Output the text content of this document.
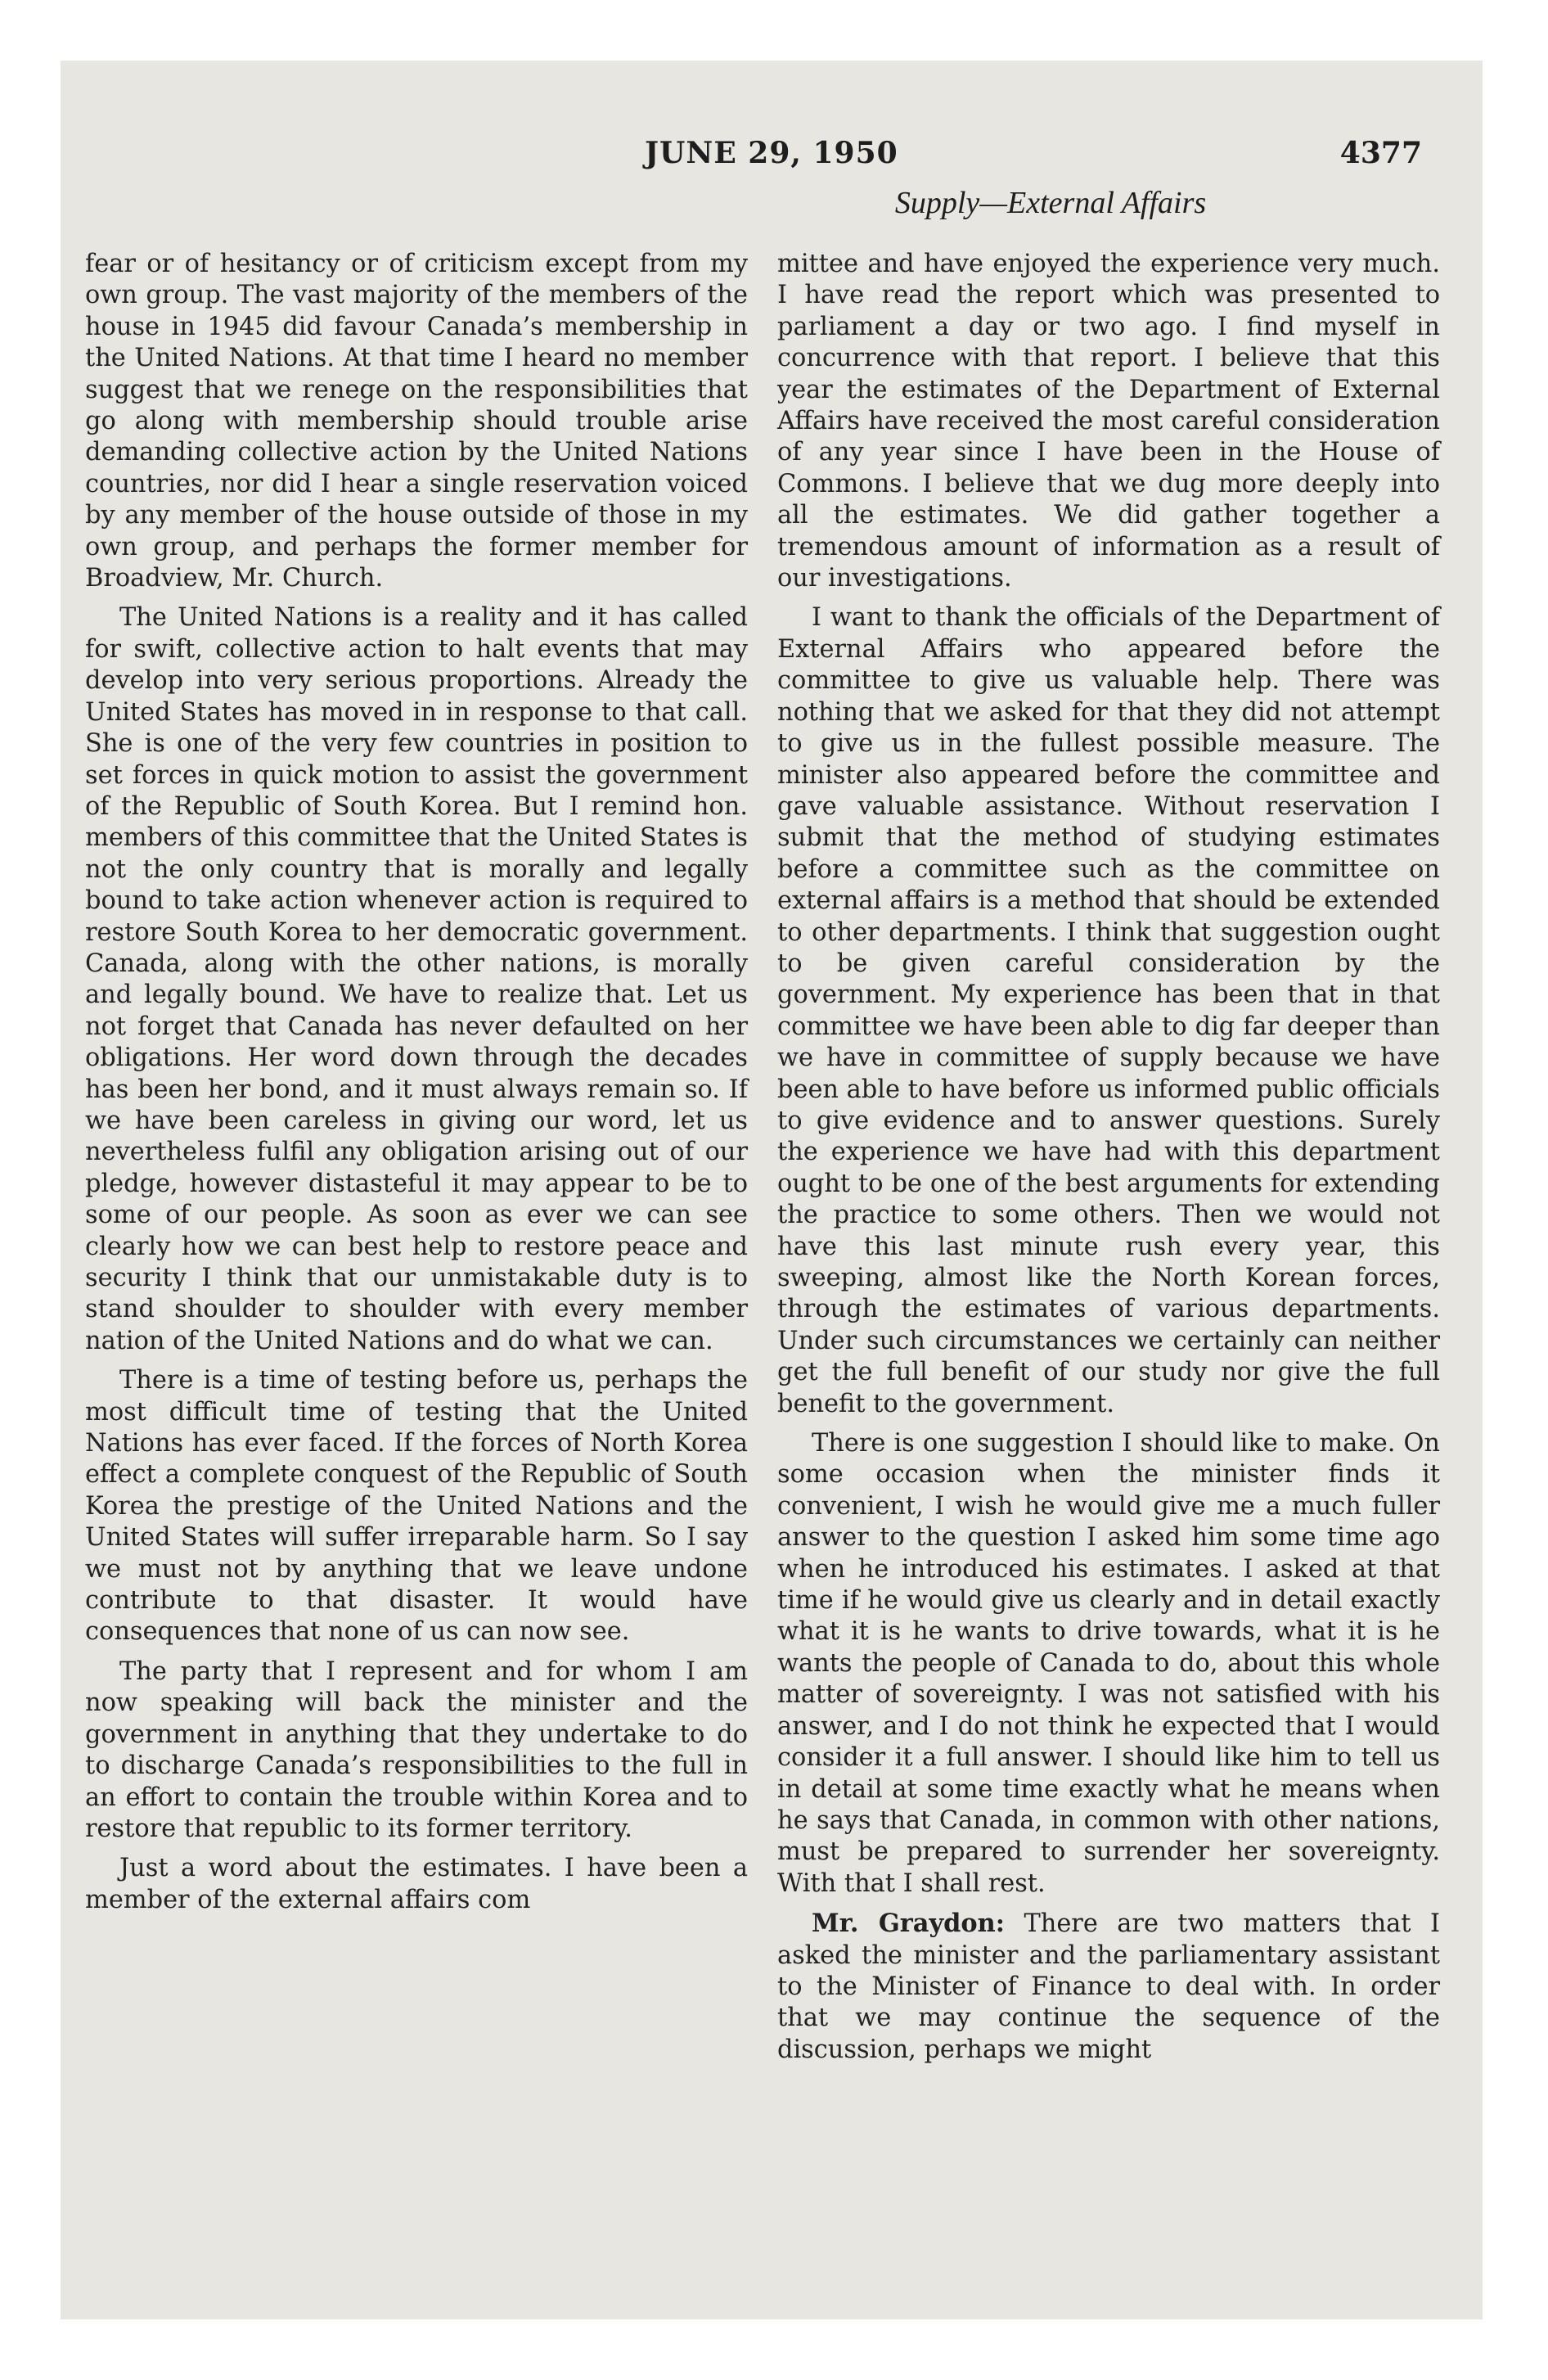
JUNE 29, 1950	4377
Supply—External Affairs

fear or of hesitancy or of criticism except from my own group. The vast majority of the members of the house in 1945 did favour Canada’s membership in the United Nations. At that time I heard no member suggest that we renege on the responsibilities that go along with membership should trouble arise demanding collective action by the United Nations countries, nor did I hear a single reservation voiced by any member of the house outside of those in my own group, and perhaps the former member for Broadview, Mr. Church.

The United Nations is a reality and it has called for swift, collective action to halt events that may develop into very serious proportions. Already the United States has moved in in response to that call. She is one of the very few countries in position to set forces in quick motion to assist the government of the Republic of South Korea. But I remind hon. members of this committee that the United States is not the only country that is morally and legally bound to take action whenever action is required to restore South Korea to her democratic government. Canada, along with the other nations, is morally and legally bound. We have to realize that. Let us not forget that Canada has never defaulted on her obligations. Her word down through the decades has been her bond, and it must always remain so. If we have been careless in giving our word, let us nevertheless fulfil any obligation arising out of our pledge, however distasteful it may appear to be to some of our people. As soon as ever we can see clearly how we can best help to restore peace and security I think that our unmistakable duty is to stand shoulder to shoulder with every member nation of the United Nations and do what we can.

There is a time of testing before us, perhaps the most difficult time of testing that the United Nations has ever faced. If the forces of North Korea effect a complete conquest of the Republic of South Korea the prestige of the United Nations and the United States will suffer irreparable harm. So I say we must not by anything that we leave undone contribute to that disaster. It would have consequences that none of us can now see.

The party that I represent and for whom I am now speaking will back the minister and the government in anything that they undertake to do to discharge Canada’s responsibilities to the full in an effort to contain the trouble within Korea and to restore that republic to its former territory.

Just a word about the estimates. I have been a member of the external affairs com

mittee and have enjoyed the experience very much. I have read the report which was presented to parliament a day or two ago. I find myself in concurrence with that report. I believe that this year the estimates of the Department of External Affairs have received the most careful consideration of any year since I have been in the House of Commons. I believe that we dug more deeply into all the estimates. We did gather together a tremendous amount of information as a result of our investigations.

I want to thank the officials of the Department of External Affairs who appeared before the committee to give us valuable help. There was nothing that we asked for that they did not attempt to give us in the fullest possible measure. The minister also appeared before the committee and gave valuable assistance. Without reservation I submit that the method of studying estimates before a committee such as the committee on external affairs is a method that should be extended to other departments. I think that suggestion ought to be given careful consideration by the government. My experience has been that in that committee we have been able to dig far deeper than we have in committee of supply because we have been able to have before us informed public officials to give evidence and to answer questions. Surely the experience we have had with this department ought to be one of the best arguments for extending the practice to some others. Then we would not have this last minute rush every year, this sweeping, almost like the North Korean forces, through the estimates of various departments. Under such circumstances we certainly can neither get the full benefit of our study nor give the full benefit to the government.

There is one suggestion I should like to make. On some occasion when the minister finds it convenient, I wish he would give me a much fuller answer to the question I asked him some time ago when he introduced his estimates. I asked at that time if he would give us clearly and in detail exactly what it is he wants to drive towards, what it is he wants the people of Canada to do, about this whole matter of sovereignty. I was not satisfied with his answer, and I do not think he expected that I would consider it a full answer. I should like him to tell us in detail at some time exactly what he means when he says that Canada, in common with other nations, must be prepared to surrender her sovereignty. With that I shall rest.

Mr. Graydon: There are two matters that I asked the minister and the parliamentary assistant to the Minister of Finance to deal with. In order that we may continue the sequence of the discussion, perhaps we might
